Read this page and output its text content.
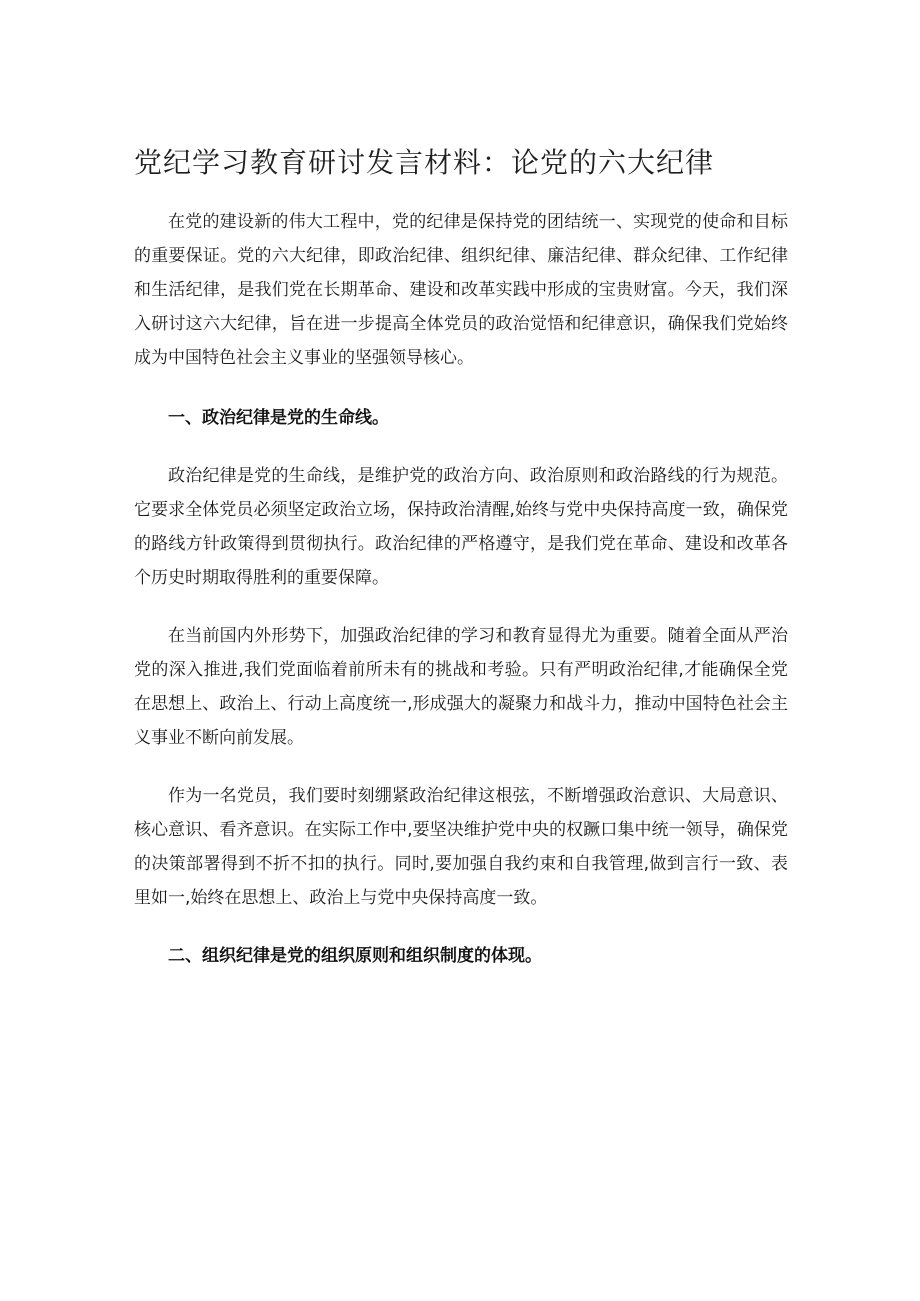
党纪学习教育研讨发言材料：论党的六大纪律

在党的建设新的伟大工程中，党的纪律是保持党的团结统一、实现党的使命和目标的重要保证。党的六大纪律，即政治纪律、组织纪律、廉洁纪律、群众纪律、工作纪律和生活纪律，是我们党在长期革命、建设和改革实践中形成的宝贵财富。今天，我们深入研讨这六大纪律，旨在进一步提高全体党员的政治觉悟和纪律意识，确保我们党始终成为中国特色社会主义事业的坚强领导核心。

一、政治纪律是党的生命线。

政治纪律是党的生命线，是维护党的政治方向、政治原则和政治路线的行为规范。它要求全体党员必须坚定政治立场，保持政治清醒,始终与党中央保持高度一致，确保党的路线方针政策得到贯彻执行。政治纪律的严格遵守，是我们党在革命、建设和改革各个历史时期取得胜利的重要保障。

在当前国内外形势下，加强政治纪律的学习和教育显得尤为重要。随着全面从严治党的深入推进,我们党面临着前所未有的挑战和考验。只有严明政治纪律,才能确保全党在思想上、政治上、行动上高度统一,形成强大的凝聚力和战斗力，推动中国特色社会主义事业不断向前发展。

作为一名党员，我们要时刻绷紧政治纪律这根弦，不断增强政治意识、大局意识、核心意识、看齐意识。在实际工作中,要坚决维护党中央的权蹶口集中统一领导，确保党的决策部署得到不折不扣的执行。同时,要加强自我约束和自我管理,做到言行一致、表里如一,始终在思想上、政治上与党中央保持高度一致。

二、组织纪律是党的组织原则和组织制度的体现。
